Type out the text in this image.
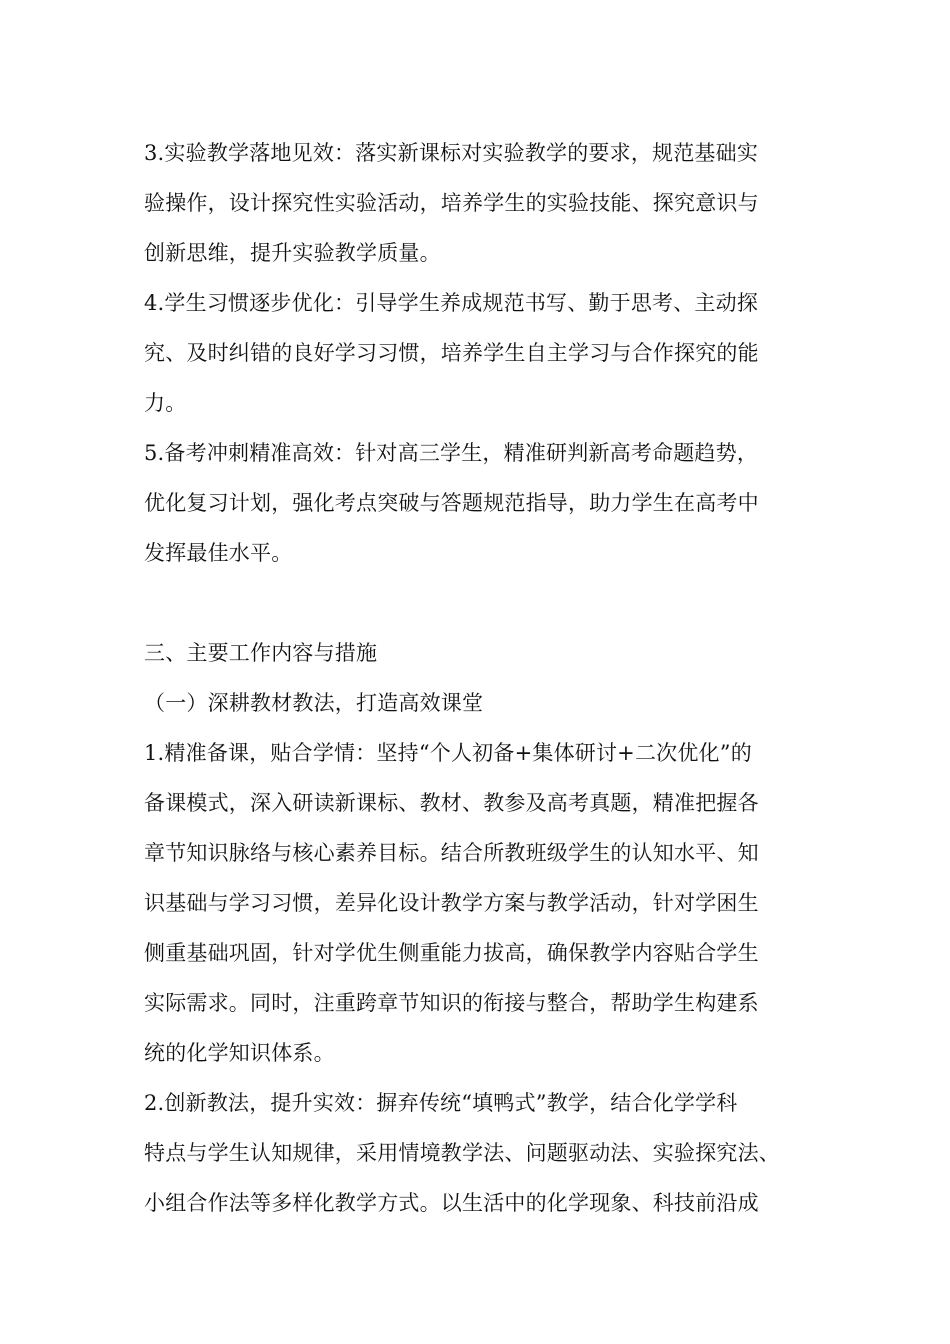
3.实验教学落地见效：落实新课标对实验教学的要求，规范基础实
验操作，设计探究性实验活动，培养学生的实验技能、探究意识与
创新思维，提升实验教学质量。
4.学生习惯逐步优化：引导学生养成规范书写、勤于思考、主动探
究、及时纠错的良好学习习惯，培养学生自主学习与合作探究的能
力。
5.备考冲刺精准高效：针对高三学生，精准研判新高考命题趋势，
优化复习计划，强化考点突破与答题规范指导，助力学生在高考中
发挥最佳水平。
三、主要工作内容与措施
（一）深耕教材教法，打造高效课堂
1.精准备课，贴合学情：坚持“个人初备+集体研讨+二次优化”的
备课模式，深入研读新课标、教材、教参及高考真题，精准把握各
章节知识脉络与核心素养目标。结合所教班级学生的认知水平、知
识基础与学习习惯，差异化设计教学方案与教学活动，针对学困生
侧重基础巩固，针对学优生侧重能力拔高，确保教学内容贴合学生
实际需求。同时，注重跨章节知识的衔接与整合，帮助学生构建系
统的化学知识体系。
2.创新教法，提升实效：摒弃传统“填鸭式”教学，结合化学学科
特点与学生认知规律，采用情境教学法、问题驱动法、实验探究法、
小组合作法等多样化教学方式。以生活中的化学现象、科技前沿成
